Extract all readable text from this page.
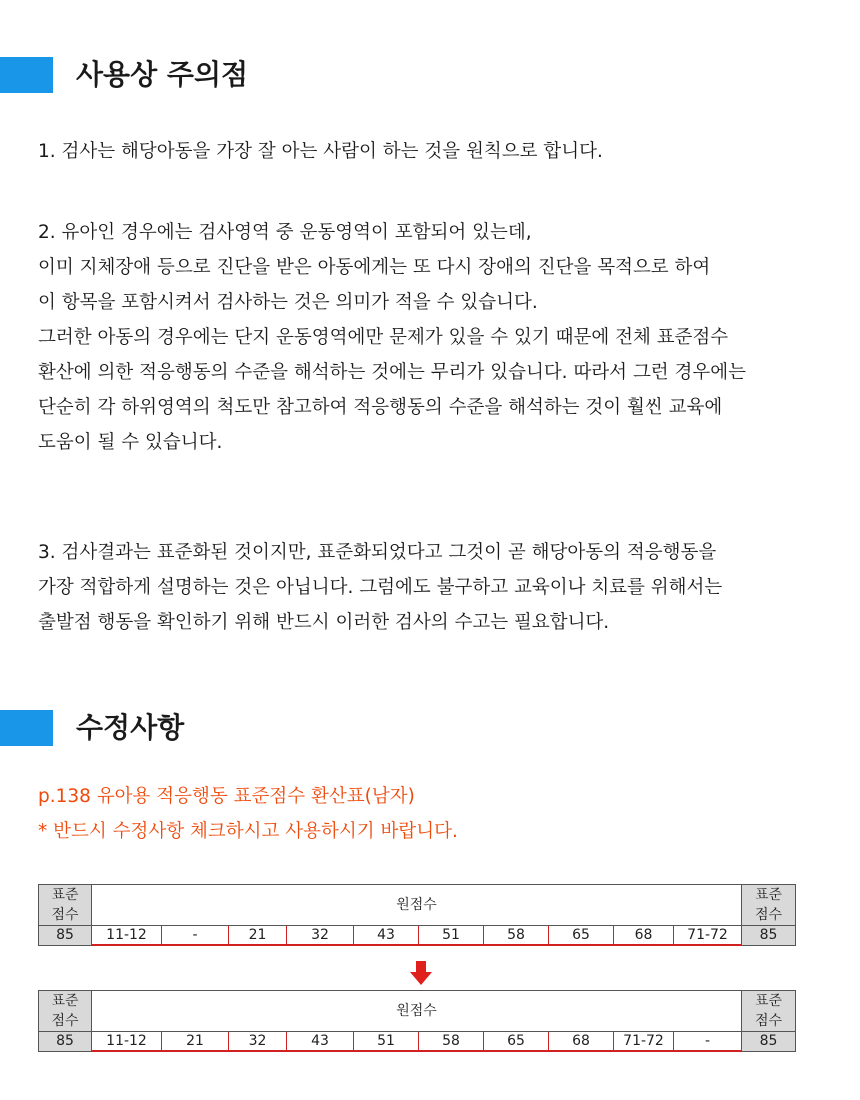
사용상 주의점
1. 검사는 해당아동을 가장 잘 아는 사람이 하는 것을 원칙으로 합니다.
2. 유아인 경우에는 검사영역 중 운동영역이 포함되어 있는데,
이미 지체장애 등으로 진단을 받은 아동에게는 또 다시 장애의 진단을 목적으로 하여
이 항목을 포함시켜서 검사하는 것은 의미가 적을 수 있습니다.
그러한 아동의 경우에는 단지 운동영역에만 문제가 있을 수 있기 때문에 전체 표준점수
환산에 의한 적응행동의 수준을 해석하는 것에는 무리가 있습니다. 따라서 그런 경우에는
단순히 각 하위영역의 척도만 참고하여 적응행동의 수준을 해석하는 것이 훨씬 교육에
도움이 될 수 있습니다.
3. 검사결과는 표준화된 것이지만, 표준화되었다고 그것이 곧 해당아동의 적응행동을
가장 적합하게 설명하는 것은 아닙니다. 그럼에도 불구하고 교육이나 치료를 위해서는
출발점 행동을 확인하기 위해 반드시 이러한 검사의 수고는 필요합니다.
수정사항
p.138 유아용 적응행동 표준점수 환산표(남자)
* 반드시 수정사항 체크하시고 사용하시기 바랍니다.
표준
점수	원점수										표준
점수
85	11-12	-	21	32	43	51	58	65	68	71-72	85
표준
점수	원점수										표준
점수
85	11-12	21	32	43	51	58	65	68	71-72	-	85
